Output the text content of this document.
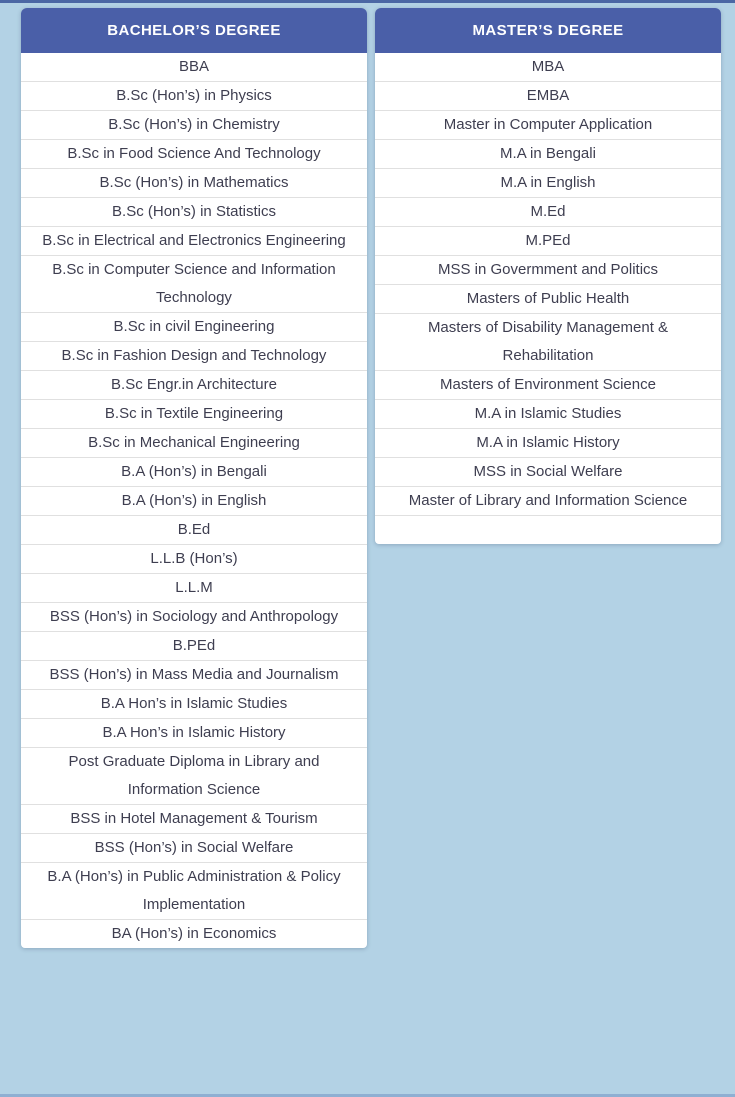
BACHELOR’S DEGREE
BBA
B.Sc (Hon’s) in Physics
B.Sc (Hon’s) in Chemistry
B.Sc in Food Science And Technology
B.Sc (Hon’s) in Mathematics
B.Sc (Hon’s) in Statistics
B.Sc in Electrical and Electronics Engineering
B.Sc in Computer Science and Information Technology
B.Sc in civil Engineering
B.Sc in Fashion Design and Technology
B.Sc Engr.in Architecture
B.Sc in Textile Engineering
B.Sc in Mechanical Engineering
B.A (Hon’s) in Bengali
B.A (Hon’s) in English
B.Ed
L.L.B (Hon’s)
L.L.M
BSS (Hon’s) in Sociology and Anthropology
B.PEd
BSS (Hon’s) in Mass Media and Journalism
B.A Hon’s in Islamic Studies
B.A Hon’s in Islamic History
Post Graduate Diploma in Library and Information Science
BSS in Hotel Management & Tourism
BSS (Hon’s) in Social Welfare
B.A (Hon’s) in Public Administration & Policy Implementation
BA (Hon’s) in Economics
MASTER’S DEGREE
MBA
EMBA
Master in Computer Application
M.A in Bengali
M.A in English
M.Ed
M.PEd
MSS in Govermment and Politics
Masters of Public Health
Masters of Disability Management & Rehabilitation
Masters of Environment Science
M.A in Islamic Studies
M.A in Islamic History
MSS in Social Welfare
Master of Library and Information Science
